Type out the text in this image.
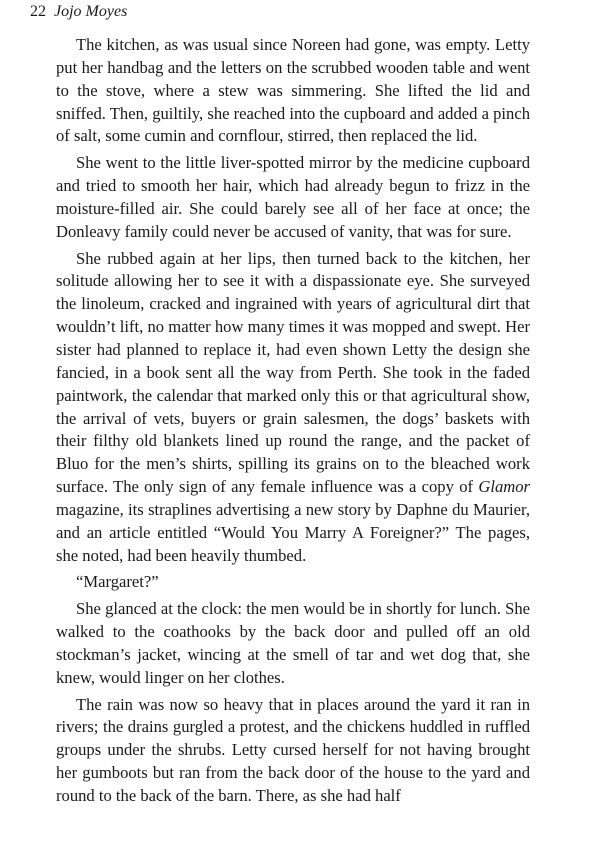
22 Jojo Moyes

The kitchen, as was usual since Noreen had gone, was empty. Letty put her handbag and the letters on the scrubbed wooden table and went to the stove, where a stew was simmering. She lifted the lid and sniffed. Then, guiltily, she reached into the cupboard and added a pinch of salt, some cumin and cornflour, stirred, then replaced the lid.

She went to the little liver-spotted mirror by the medicine cupboard and tried to smooth her hair, which had already begun to frizz in the moisture-filled air. She could barely see all of her face at once; the Donleavy family could never be accused of vanity, that was for sure.

She rubbed again at her lips, then turned back to the kitchen, her solitude allowing her to see it with a dispassionate eye. She surveyed the linoleum, cracked and ingrained with years of agricultural dirt that wouldn’t lift, no matter how many times it was mopped and swept. Her sister had planned to replace it, had even shown Letty the design she fancied, in a book sent all the way from Perth. She took in the faded paintwork, the calendar that marked only this or that agricultural show, the arrival of vets, buyers or grain salesmen, the dogs’ baskets with their filthy old blankets lined up round the range, and the packet of Bluo for the men’s shirts, spilling its grains on to the bleached work surface. The only sign of any female influence was a copy of Glamor magazine, its straplines advertising a new story by Daphne du Maurier, and an article entitled “Would You Marry A Foreigner?” The pages, she noted, had been heavily thumbed.

“Margaret?”

She glanced at the clock: the men would be in shortly for lunch. She walked to the coathooks by the back door and pulled off an old stockman’s jacket, wincing at the smell of tar and wet dog that, she knew, would linger on her clothes.

The rain was now so heavy that in places around the yard it ran in rivers; the drains gurgled a protest, and the chickens huddled in ruffled groups under the shrubs. Letty cursed herself for not having brought her gumboots but ran from the back door of the house to the yard and round to the back of the barn. There, as she had half
